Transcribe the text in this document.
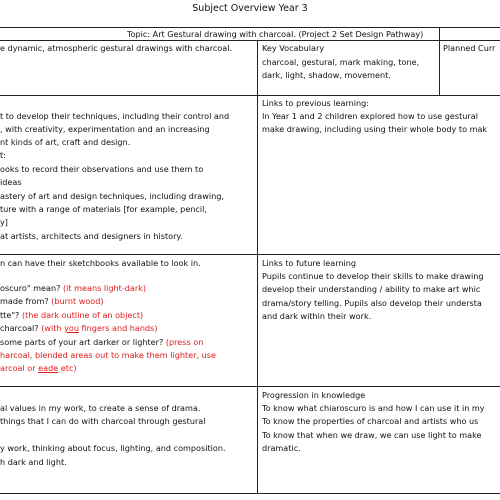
Subject Overview Year 3
Topic: Art Gestural drawing with charcoal. (Project 2 Set Design Pathway)
e dynamic, atmospheric gestural drawings with charcoal.	Key Vocabulary
charcoal, gestural, mark making, tone,
dark, light, shadow, movement.
Planned Curr
t to develop their techniques, including their control and
, with creativity, experimentation and an increasing
nt kinds of art, craft and design.
t:
ooks to record their observations and use them to
ideas
astery of art and design techniques, including drawing,
ture with a range of materials [for example, pencil,
y]
at artists, architects and designers in history.
Links to previous learning:
In Year 1 and 2 children explored how to use gestural
make drawing, including using their whole body to mak
n can have their sketchbooks available to look in.
oscuro" mean? (it means light-dark)
made from? (burnt wood)
tte"? (the dark outline of an object)
charcoal? (with you fingers and hands)
some parts of your art darker or lighter? (press on
harcoal, blended areas out to make them lighter, use
arcoal or eade etc)
Links to future learning
Pupils continue to develop their skills to make drawing
develop their understanding / ability to make art whic
drama/story telling. Pupils also develop their understa
and dark within their work.
al values in my work, to create a sense of drama.
things that I can do with charcoal through gestural
y work, thinking about focus, lighting, and composition.
h dark and light.
Progression in knowledge
To know what chiaroscuro is and how I can use it in my
To know the properties of charcoal and artists who us
To know that when we draw, we can use light to make
dramatic.
